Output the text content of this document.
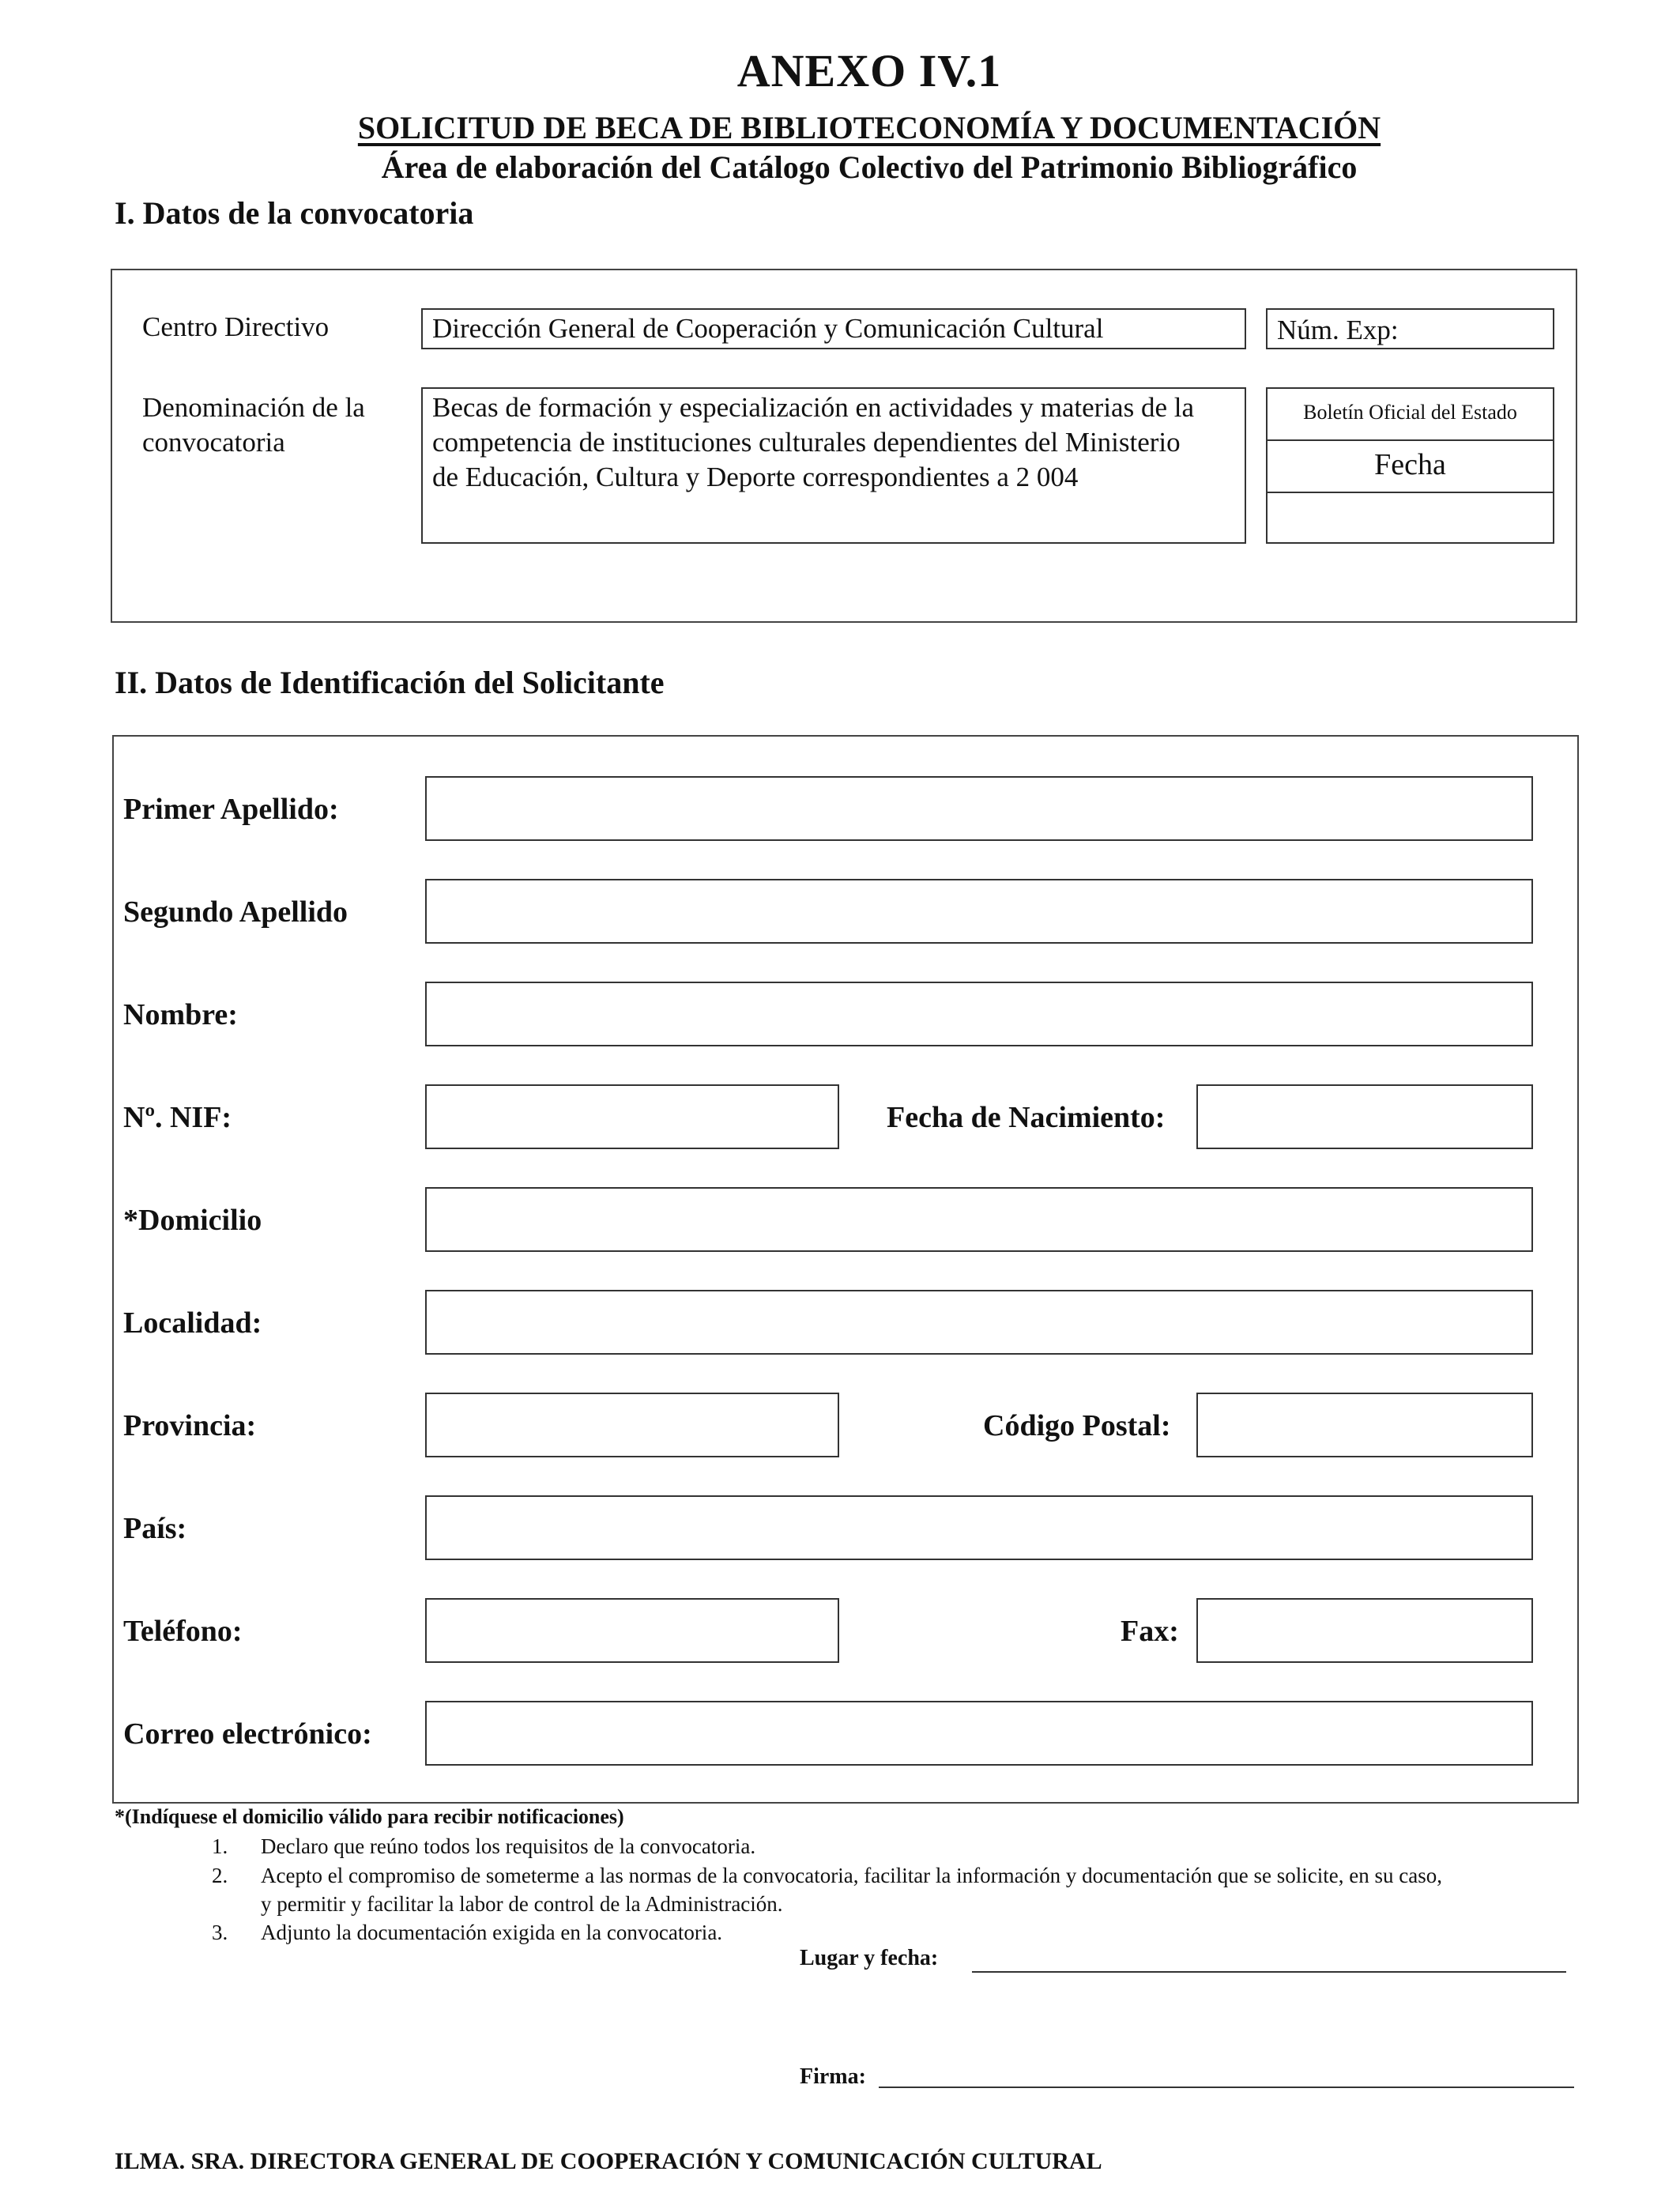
ANEXO IV.1
SOLICITUD DE BECA DE BIBLIOTECONOMÍA Y DOCUMENTACIÓN
Área de elaboración del Catálogo Colectivo del Patrimonio Bibliográfico
I. Datos de la convocatoria
Centro Directivo	Dirección General de Cooperación y Comunicación Cultural	Núm. Exp:
Denominación de la
convocatoria
Becas de formación y especialización en actividades y materias de la
competencia de instituciones culturales dependientes del Ministerio
de Educación, Cultura y Deporte correspondientes a 2 004
Boletín Oficial del Estado
Fecha
II. Datos de Identificación del Solicitante
Primer Apellido:
Segundo Apellido
Nombre:
Nº. NIF:	Fecha de Nacimiento:
*Domicilio
Localidad:
Provincia:	Código Postal:
País:
Teléfono:	Fax:
Correo electrónico:
*(Indíquese el domicilio válido para recibir notificaciones)
1. Declaro que reúno todos los requisitos de la convocatoria.
2. Acepto el compromiso de someterme a las normas de la convocatoria, facilitar la información y documentación que se solicite, en su caso,
y permitir y facilitar la labor de control de la Administración.
3. Adjunto la documentación exigida en la convocatoria.
Lugar y fecha:
Firma:
ILMA. SRA. DIRECTORA GENERAL DE COOPERACIÓN Y COMUNICACIÓN CULTURAL
